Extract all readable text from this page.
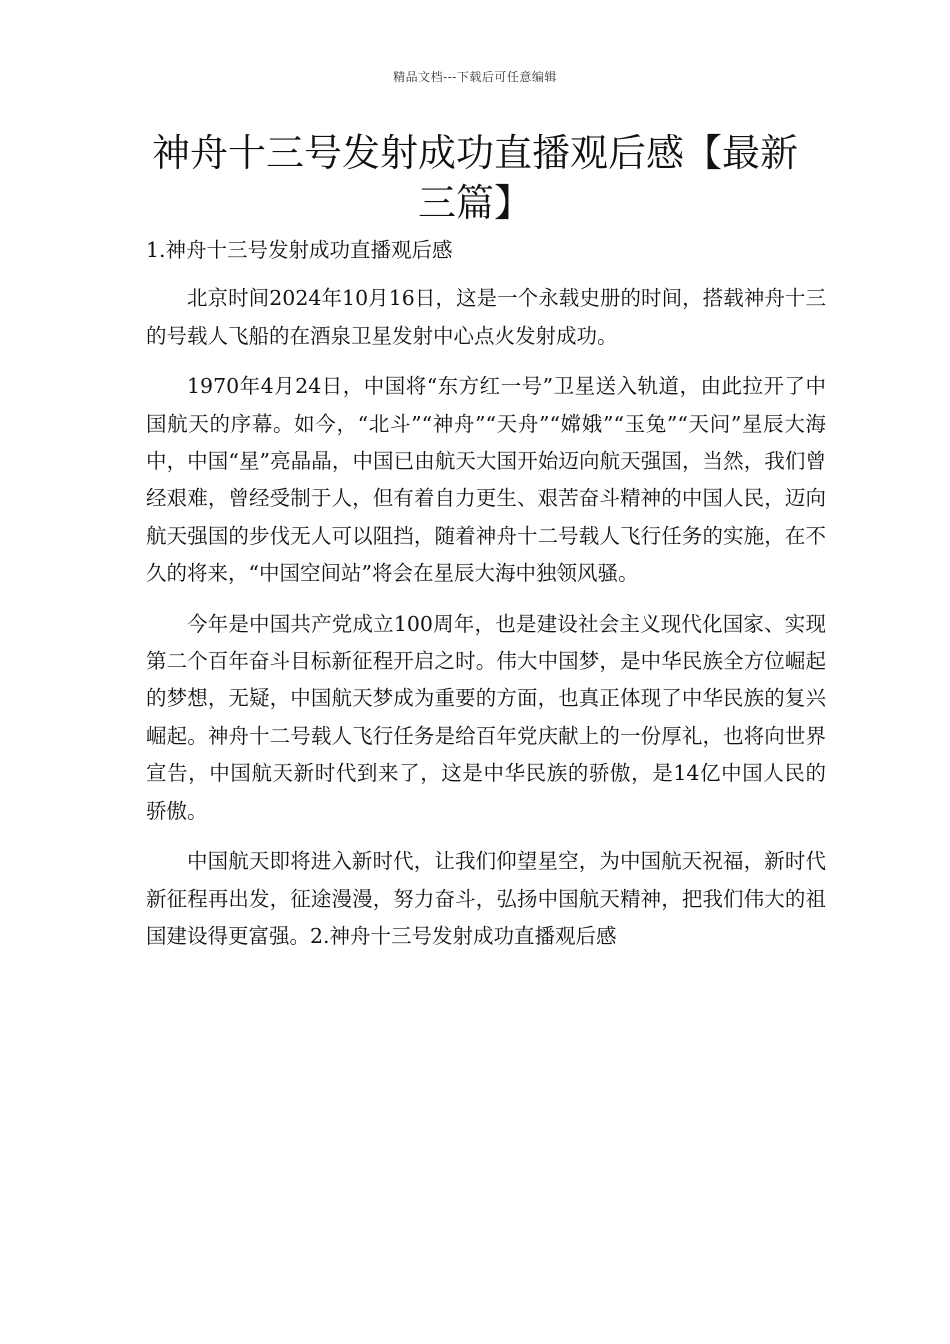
精品文档---下载后可任意编辑
神舟十三号发射成功直播观后感【最新三篇】

1.神舟十三号发射成功直播观后感

北京时间2024年10月16日，这是一个永载史册的时间，搭载神舟十三的号载人飞船的在酒泉卫星发射中心点火发射成功。

1970年4月24日，中国将“东方红一号”卫星送入轨道，由此拉开了中国航天的序幕。如今，“北斗”“神舟”“天舟”“嫦娥”“玉兔”“天问”星辰大海中，中国“星”亮晶晶，中国已由航天大国开始迈向航天强国，当然，我们曾经艰难，曾经受制于人，但有着自力更生、艰苦奋斗精神的中国人民，迈向航天强国的步伐无人可以阻挡，随着神舟十二号载人飞行任务的实施，在不久的将来，“中国空间站”将会在星辰大海中独领风骚。

今年是中国共产党成立100周年，也是建设社会主义现代化国家、实现第二个百年奋斗目标新征程开启之时。伟大中国梦，是中华民族全方位崛起的梦想，无疑，中国航天梦成为重要的方面，也真正体现了中华民族的复兴崛起。神舟十二号载人飞行任务是给百年党庆献上的一份厚礼，也将向世界宣告，中国航天新时代到来了，这是中华民族的骄傲，是14亿中国人民的骄傲。

中国航天即将进入新时代，让我们仰望星空，为中国航天祝福，新时代新征程再出发，征途漫漫，努力奋斗，弘扬中国航天精神，把我们伟大的祖国建设得更富强。2.神舟十三号发射成功直播观后感
